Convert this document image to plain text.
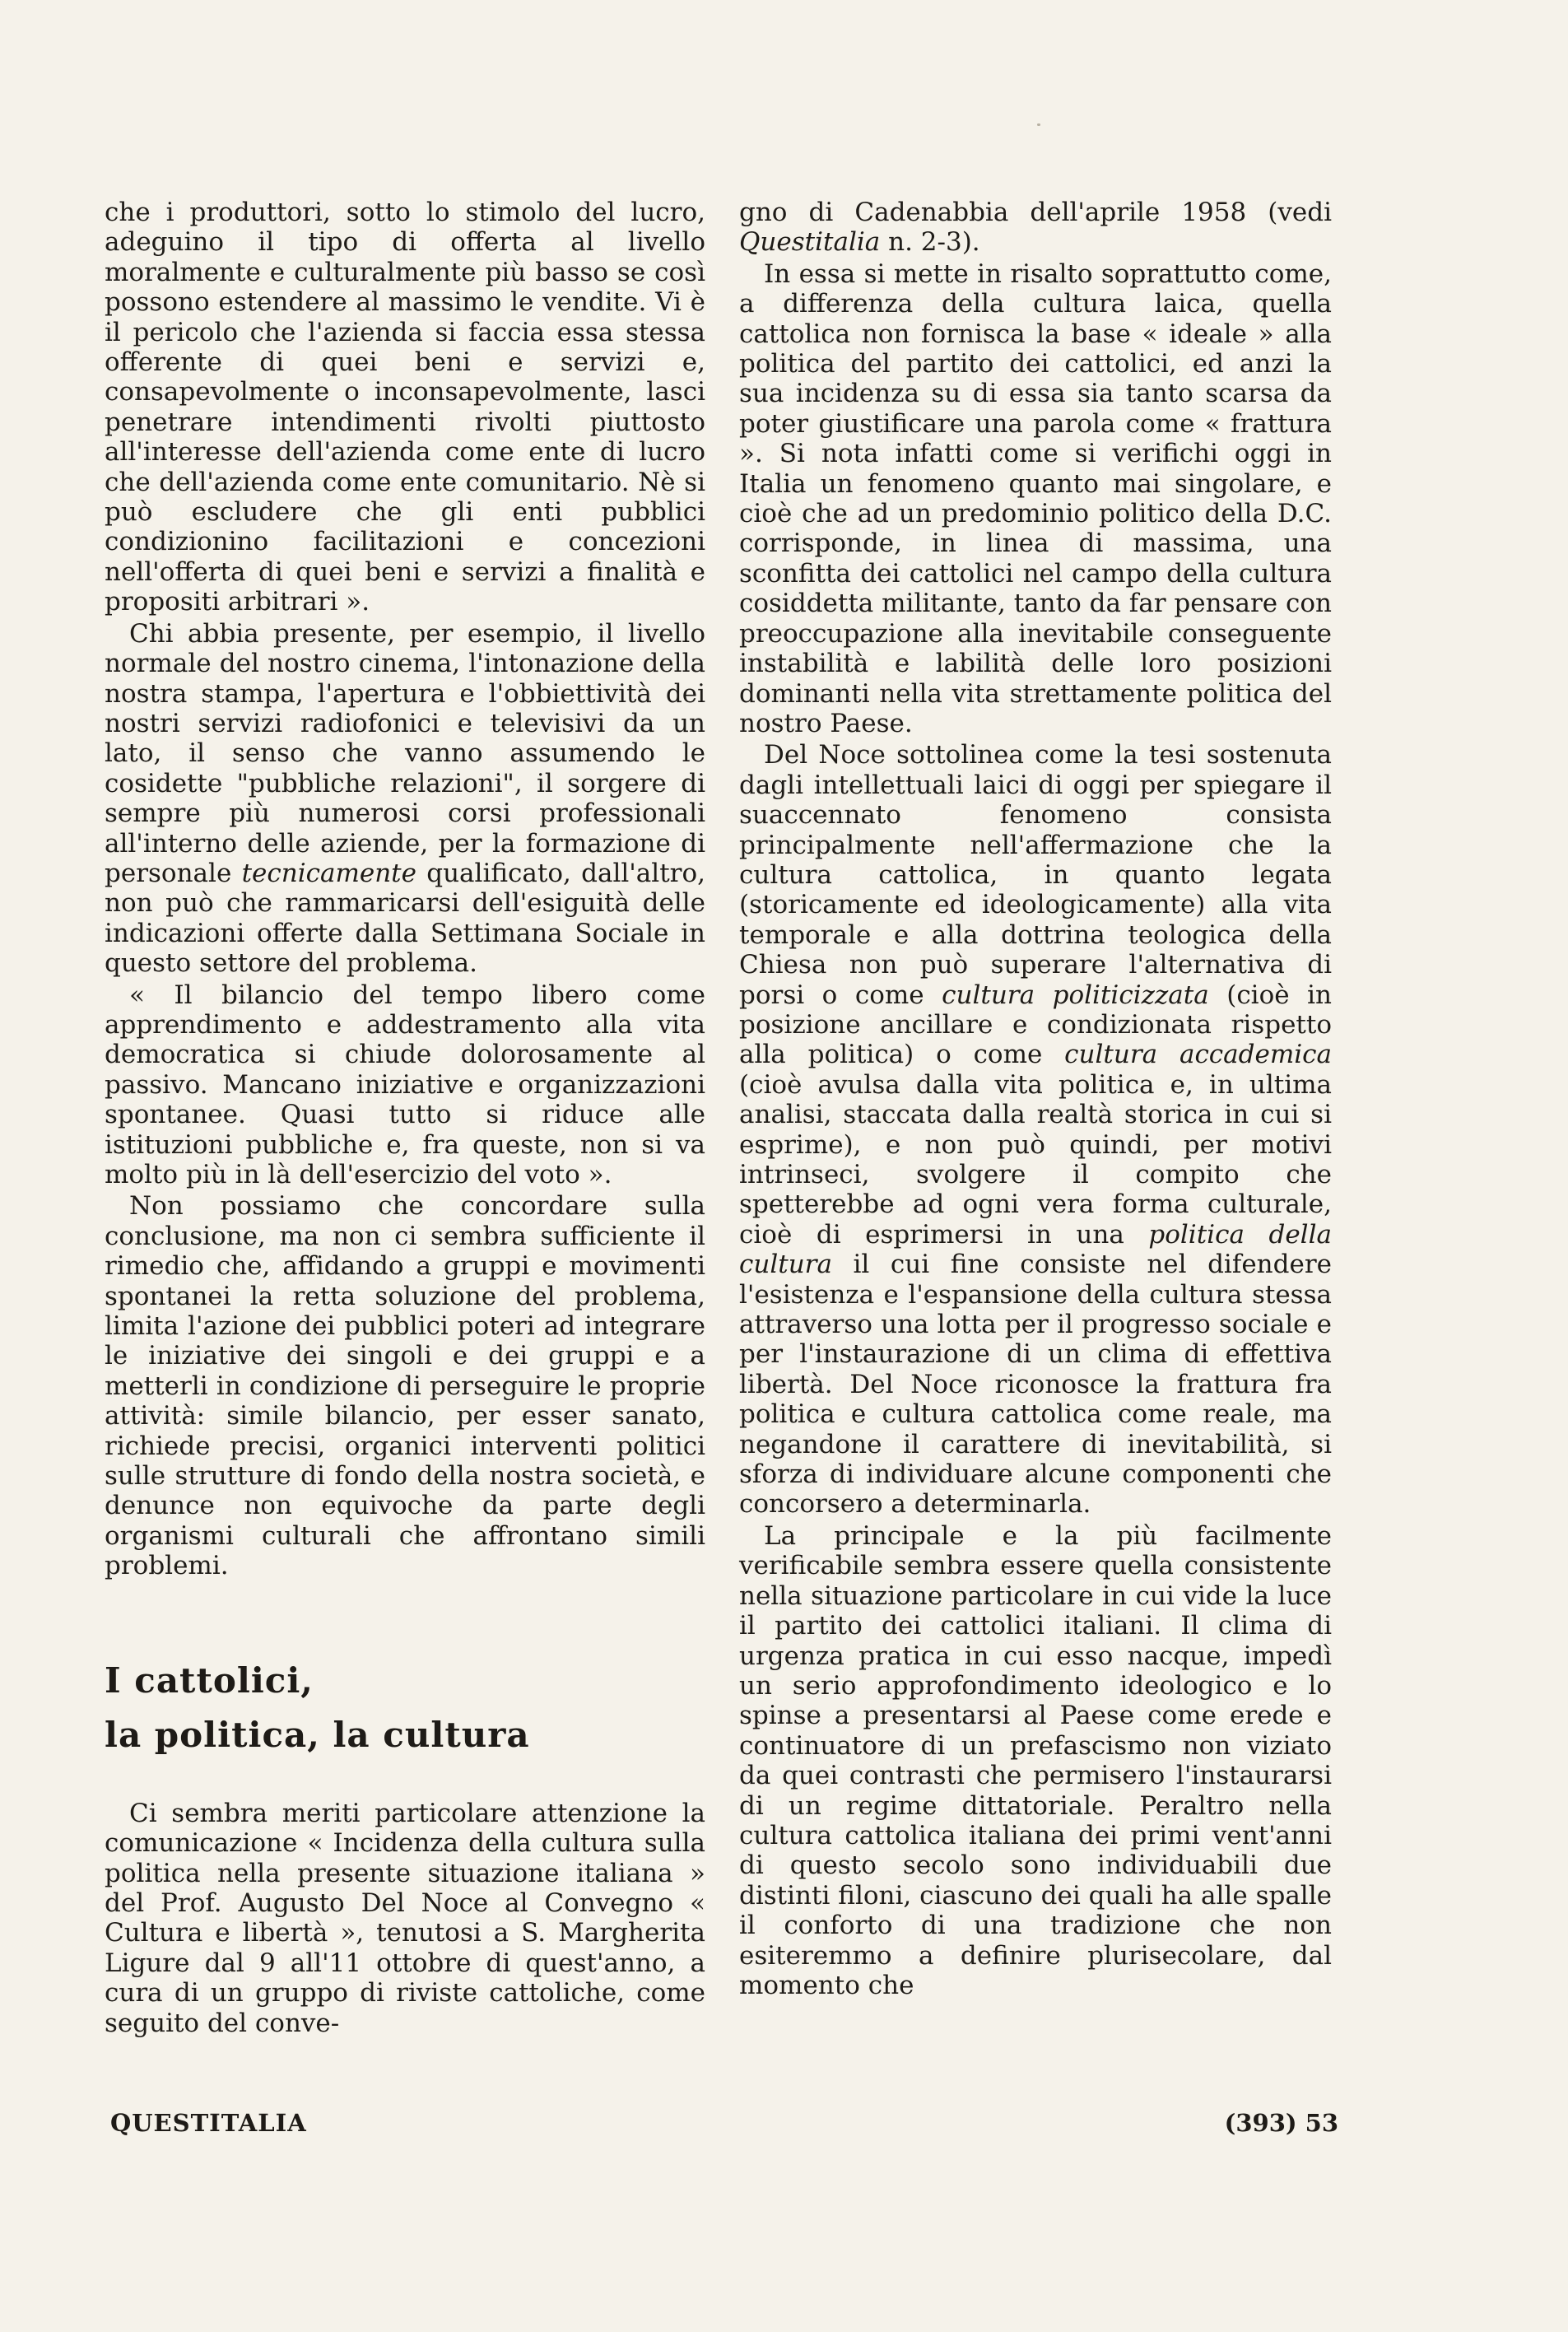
che i produttori, sotto lo stimolo del lucro, adeguino il tipo di offerta al livello moralmente e culturalmente più basso se così possono estendere al massimo le vendite. Vi è il pericolo che l'azienda si faccia essa stessa offerente di quei beni e servizi e, consapevolmente o inconsapevolmente, lasci penetrare intendimenti rivolti piuttosto all'interesse dell'azienda come ente di lucro che dell'azienda come ente comunitario. Nè si può escludere che gli enti pubblici condizionino facilitazioni e concezioni nell'offerta di quei beni e servizi a finalità e propositi arbitrari ».

Chi abbia presente, per esempio, il livello normale del nostro cinema, l'intonazione della nostra stampa, l'apertura e l'obbiettività dei nostri servizi radiofonici e televisivi da un lato, il senso che vanno assumendo le cosidette "pubbliche relazioni", il sorgere di sempre più numerosi corsi professionali all'interno delle aziende, per la formazione di personale tecnicamente qualificato, dall'altro, non può che rammaricarsi dell'esiguità delle indicazioni offerte dalla Settimana Sociale in questo settore del problema.

« Il bilancio del tempo libero come apprendimento e addestramento alla vita democratica si chiude dolorosamente al passivo. Mancano iniziative e organizzazioni spontanee. Quasi tutto si riduce alle istituzioni pubbliche e, fra queste, non si va molto più in là dell'esercizio del voto ».

Non possiamo che concordare sulla conclusione, ma non ci sembra sufficiente il rimedio che, affidando a gruppi e movimenti spontanei la retta soluzione del problema, limita l'azione dei pubblici poteri ad integrare le iniziative dei singoli e dei gruppi e a metterli in condizione di perseguire le proprie attività: simile bilancio, per esser sanato, richiede precisi, organici interventi politici sulle strutture di fondo della nostra società, e denunce non equivoche da parte degli organismi culturali che affrontano simili problemi.

I cattolici,
la politica, la cultura

Ci sembra meriti particolare attenzione la comunicazione « Incidenza della cultura sulla politica nella presente situazione italiana » del Prof. Augusto Del Noce al Convegno « Cultura e libertà », tenutosi a S. Margherita Ligure dal 9 all'11 ottobre di quest'anno, a cura di un gruppo di riviste cattoliche, come seguito del conve-

gno di Cadenabbia dell'aprile 1958 (vedi Questitalia n. 2-3).

In essa si mette in risalto soprattutto come, a differenza della cultura laica, quella cattolica non fornisca la base « ideale » alla politica del partito dei cattolici, ed anzi la sua incidenza su di essa sia tanto scarsa da poter giustificare una parola come « frattura ». Si nota infatti come si verifichi oggi in Italia un fenomeno quanto mai singolare, e cioè che ad un predominio politico della D.C. corrisponde, in linea di massima, una sconfitta dei cattolici nel campo della cultura cosiddetta militante, tanto da far pensare con preoccupazione alla inevitabile conseguente instabilità e labilità delle loro posizioni dominanti nella vita strettamente politica del nostro Paese.

Del Noce sottolinea come la tesi sostenuta dagli intellettuali laici di oggi per spiegare il suaccennato fenomeno consista principalmente nell'affermazione che la cultura cattolica, in quanto legata (storicamente ed ideologicamente) alla vita temporale e alla dottrina teologica della Chiesa non può superare l'alternativa di porsi o come cultura politicizzata (cioè in posizione ancillare e condizionata rispetto alla politica) o come cultura accademica (cioè avulsa dalla vita politica e, in ultima analisi, staccata dalla realtà storica in cui si esprime), e non può quindi, per motivi intrinseci, svolgere il compito che spetterebbe ad ogni vera forma culturale, cioè di esprimersi in una politica della cultura il cui fine consiste nel difendere l'esistenza e l'espansione della cultura stessa attraverso una lotta per il progresso sociale e per l'instaurazione di un clima di effettiva libertà. Del Noce riconosce la frattura fra politica e cultura cattolica come reale, ma negandone il carattere di inevitabilità, si sforza di individuare alcune componenti che concorsero a determinarla.

La principale e la più facilmente verificabile sembra essere quella consistente nella situazione particolare in cui vide la luce il partito dei cattolici italiani. Il clima di urgenza pratica in cui esso nacque, impedì un serio approfondimento ideologico e lo spinse a presentarsi al Paese come erede e continuatore di un prefascismo non viziato da quei contrasti che permisero l'instaurarsi di un regime dittatoriale. Peraltro nella cultura cattolica italiana dei primi vent'anni di questo secolo sono individuabili due distinti filoni, ciascuno dei quali ha alle spalle il conforto di una tradizione che non esiteremmo a definire plurisecolare, dal momento che

QUESTITALIA	(393) 53
